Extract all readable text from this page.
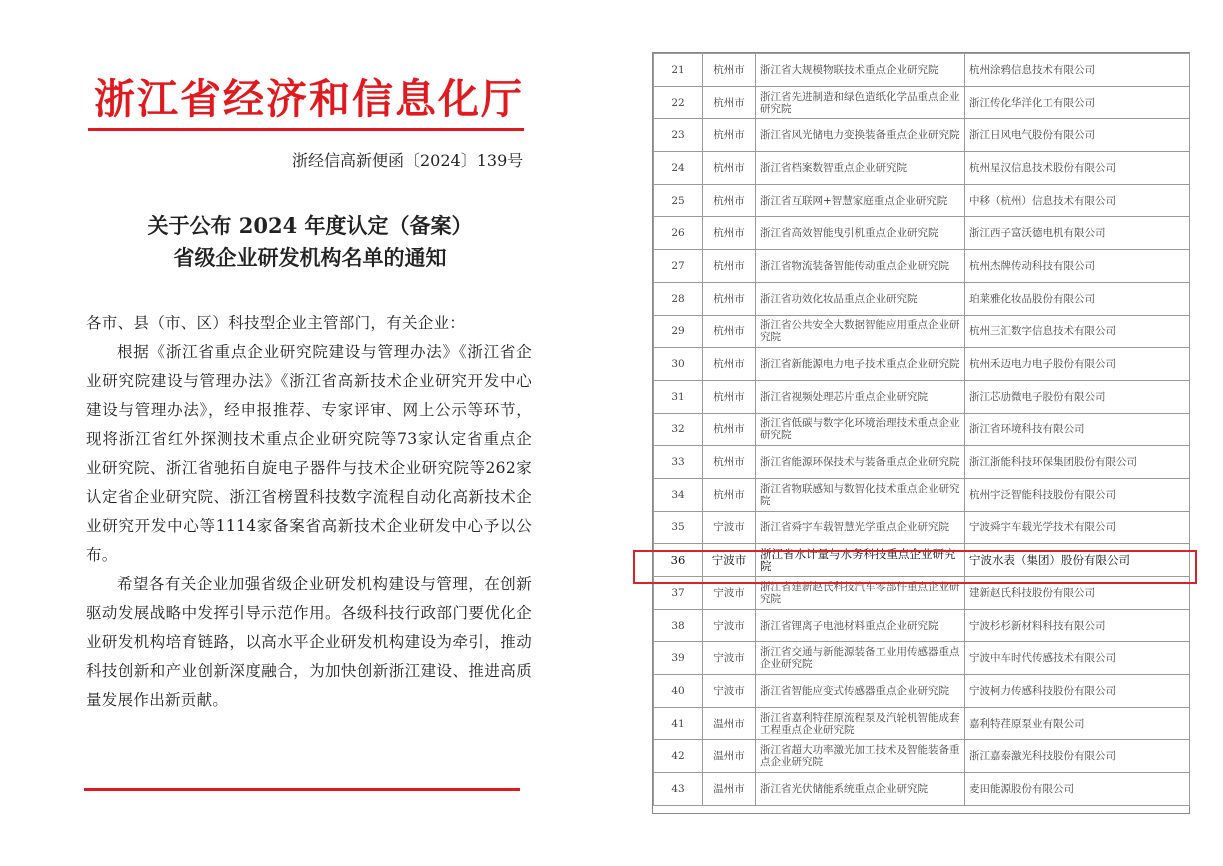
浙江省经济和信息化厅
浙经信高新便函〔2024〕139号
关于公布 2024 年度认定（备案）
省级企业研发机构名单的通知

各市、县（市、区）科技型企业主管部门，有关企业：

根据《浙江省重点企业研究院建设与管理办法》《浙江省企业研究院建设与管理办法》《浙江省高新技术企业研究开发中心建设与管理办法》，经申报推荐、专家评审、网上公示等环节，现将浙江省红外探测技术重点企业研究院等73家认定省重点企业研究院、浙江省驰拓自旋电子器件与技术企业研究院等262家认定省企业研究院、浙江省榜置科技数字流程自动化高新技术企业研究开发中心等1114家备案省高新技术企业研发中心予以公布。

希望各有关企业加强省级企业研发机构建设与管理，在创新驱动发展战略中发挥引导示范作用。各级科技行政部门要优化企业研发机构培育链路，以高水平企业研发机构建设为牵引，推动科技创新和产业创新深度融合，为加快创新浙江建设、推进高质量发展作出新贡献。

21	杭州市	浙江省大规模物联技术重点企业研究院	杭州涂鸦信息技术有限公司
22	杭州市	浙江省先进制造和绿色造纸化学品重点企业研究院	浙江传化华洋化工有限公司
23	杭州市	浙江省风光储电力变换装备重点企业研究院	浙江日风电气股份有限公司
24	杭州市	浙江省档案数智重点企业研究院	杭州星汉信息技术股份有限公司
25	杭州市	浙江省互联网+智慧家庭重点企业研究院	中移（杭州）信息技术有限公司
26	杭州市	浙江省高效智能曳引机重点企业研究院	浙江西子富沃德电机有限公司
27	杭州市	浙江省物流装备智能传动重点企业研究院	杭州杰牌传动科技有限公司
28	杭州市	浙江省功效化妆品重点企业研究院	珀莱雅化妆品股份有限公司
29	杭州市	浙江省公共安全大数据智能应用重点企业研究院	杭州三汇数字信息技术有限公司
30	杭州市	浙江省新能源电力电子技术重点企业研究院	杭州禾迈电力电子股份有限公司
31	杭州市	浙江省视频处理芯片重点企业研究院	浙江芯劢微电子股份有限公司
32	杭州市	浙江省低碳与数字化环境治理技术重点企业研究院	浙江省环境科技有限公司
33	杭州市	浙江省能源环保技术与装备重点企业研究院	浙江浙能科技环保集团股份有限公司
34	杭州市	浙江省物联感知与数智化技术重点企业研究院	杭州宇泛智能科技股份有限公司
35	宁波市	浙江省舜宇车载智慧光学重点企业研究院	宁波舜宇车载光学技术有限公司
36	宁波市	浙江省水计量与水务科技重点企业研究院	宁波水表（集团）股份有限公司
37	宁波市	浙江省建新赵氏科技汽车零部件重点企业研究院	建新赵氏科技股份有限公司
38	宁波市	浙江省锂离子电池材料重点企业研究院	宁波杉杉新材料科技有限公司
39	宁波市	浙江省交通与新能源装备工业用传感器重点企业研究院	宁波中车时代传感技术有限公司
40	宁波市	浙江省智能应变式传感器重点企业研究院	宁波柯力传感科技股份有限公司
41	温州市	浙江省嘉利特荏原流程泵及汽轮机智能成套工程重点企业研究院	嘉利特荏原泵业有限公司
42	温州市	浙江省超大功率激光加工技术及智能装备重点企业研究院	浙江嘉泰激光科技股份有限公司
43	温州市	浙江省光伏储能系统重点企业研究院	麦田能源股份有限公司
